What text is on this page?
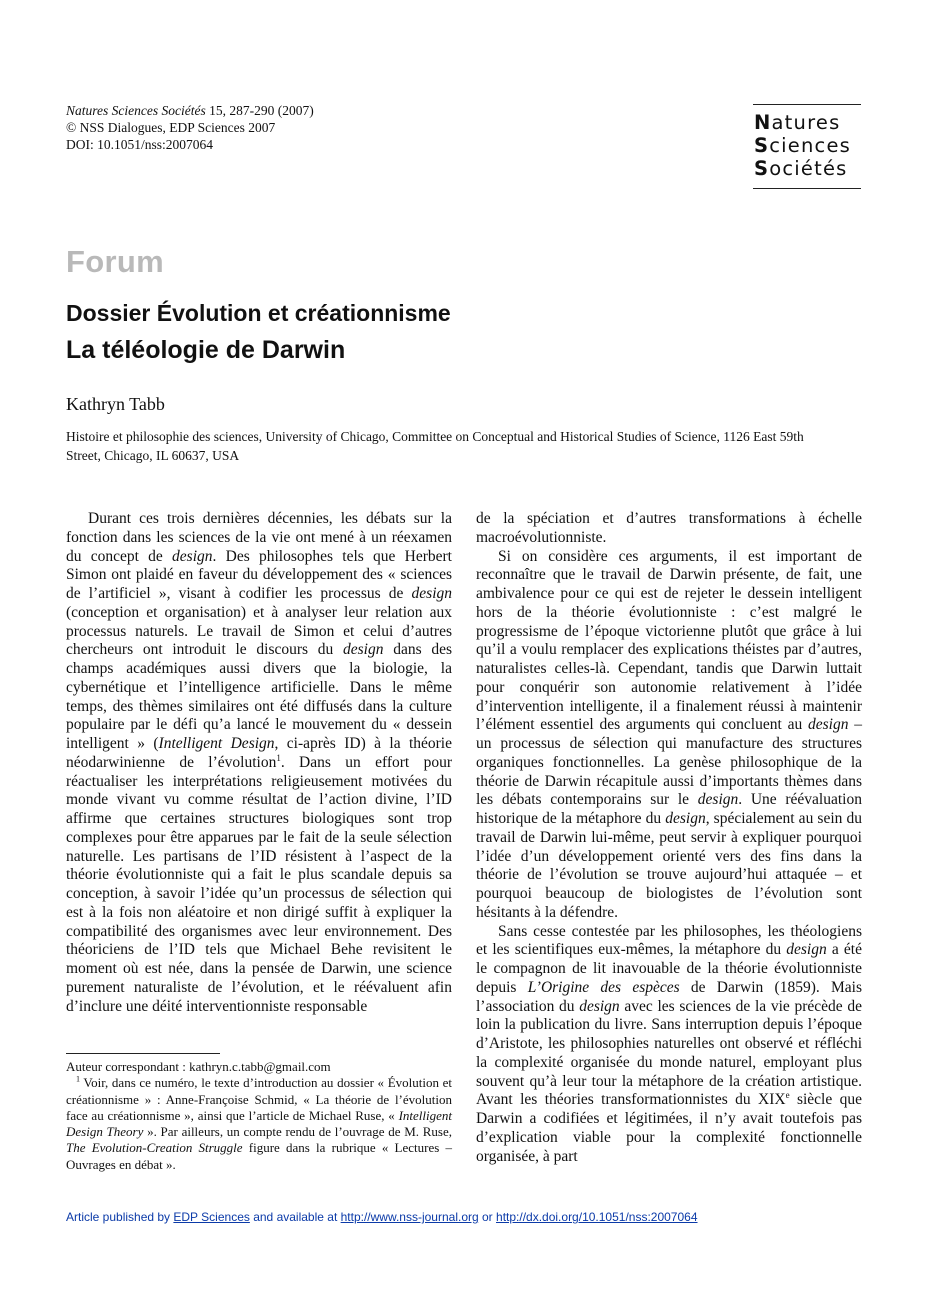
Natures Sciences Sociétés 15, 287-290 (2007)
© NSS Dialogues, EDP Sciences 2007
DOI: 10.1051/nss:2007064
Natures
Sciences
Sociétés
Forum
Dossier Évolution et créationnisme
La téléologie de Darwin
Kathryn Tabb
Histoire et philosophie des sciences, University of Chicago, Committee on Conceptual and Historical Studies of Science, 1126 East 59th Street, Chicago, IL 60637, USA

Durant ces trois dernières décennies, les débats sur la fonction dans les sciences de la vie ont mené à un réexamen du concept de design. Des philosophes tels que Herbert Simon ont plaidé en faveur du développement des « sciences de l’artificiel », visant à codifier les processus de design (conception et organisation) et à analyser leur relation aux processus naturels. Le travail de Simon et celui d’autres chercheurs ont introduit le discours du design dans des champs académiques aussi divers que la biologie, la cybernétique et l’intelligence artificielle. Dans le même temps, des thèmes similaires ont été diffusés dans la culture populaire par le défi qu’a lancé le mouvement du « dessein intelligent » (Intelligent Design, ci-après ID) à la théorie néodarwinienne de l’évolution$^1$. Dans un effort pour réactualiser les interprétations religieusement motivées du monde vivant vu comme résultat de l’action divine, l’ID affirme que certaines structures biologiques sont trop complexes pour être apparues par le fait de la seule sélection naturelle. Les partisans de l’ID résistent à l’aspect de la théorie évolutionniste qui a fait le plus scandale depuis sa conception, à savoir l’idée qu’un processus de sélection qui est à la fois non aléatoire et non dirigé suffit à expliquer la compatibilité des organismes avec leur environnement. Des théoriciens de l’ID tels que Michael Behe revisitent le moment où est née, dans la pensée de Darwin, une science purement naturaliste de l’évolution, et le réévaluent afin d’inclure une déité interventionniste responsable

de la spéciation et d’autres transformations à échelle macroévolutionniste.

Si on considère ces arguments, il est important de reconnaître que le travail de Darwin présente, de fait, une ambivalence pour ce qui est de rejeter le dessein intelligent hors de la théorie évolutionniste : c’est malgré le progressisme de l’époque victorienne plutôt que grâce à lui qu’il a voulu remplacer des explications théistes par d’autres, naturalistes celles-là. Cependant, tandis que Darwin luttait pour conquérir son autonomie relativement à l’idée d’intervention intelligente, il a finalement réussi à maintenir l’élément essentiel des arguments qui concluent au design – un processus de sélection qui manufacture des structures organiques fonctionnelles. La genèse philosophique de la théorie de Darwin récapitule aussi d’importants thèmes dans les débats contemporains sur le design. Une réévaluation historique de la métaphore du design, spécialement au sein du travail de Darwin lui-même, peut servir à expliquer pourquoi l’idée d’un développement orienté vers des fins dans la théorie de l’évolution se trouve aujourd’hui attaquée – et pourquoi beaucoup de biologistes de l’évolution sont hésitants à la défendre.

Sans cesse contestée par les philosophes, les théologiens et les scientifiques eux-mêmes, la métaphore du design a été le compagnon de lit inavouable de la théorie évolutionniste depuis L’Origine des espèces de Darwin (1859). Mais l’association du design avec les sciences de la vie précède de loin la publication du livre. Sans interruption depuis l’époque d’Aristote, les philosophies naturelles ont observé et réfléchi la complexité organisée du monde naturel, employant plus souvent qu’à leur tour la métaphore de la création artistique. Avant les théories transformationnistes du XIXe siècle que Darwin a codifiées et légitimées, il n’y avait toutefois pas d’explication viable pour la complexité fonctionnelle organisée, à part

Auteur correspondant : kathryn.c.tabb@gmail.com

$^1$ Voir, dans ce numéro, le texte d’introduction au dossier « Évolution et créationnisme » : Anne-Françoise Schmid, « La théorie de l’évolution face au créationnisme », ainsi que l’article de Michael Ruse, « Intelligent Design Theory ». Par ailleurs, un compte rendu de l’ouvrage de M. Ruse, The Evolution-Creation Struggle figure dans la rubrique « Lectures – Ouvrages en débat ».

Article published by EDP Sciences and available at http://www.nss-journal.org or http://dx.doi.org/10.1051/nss:2007064
